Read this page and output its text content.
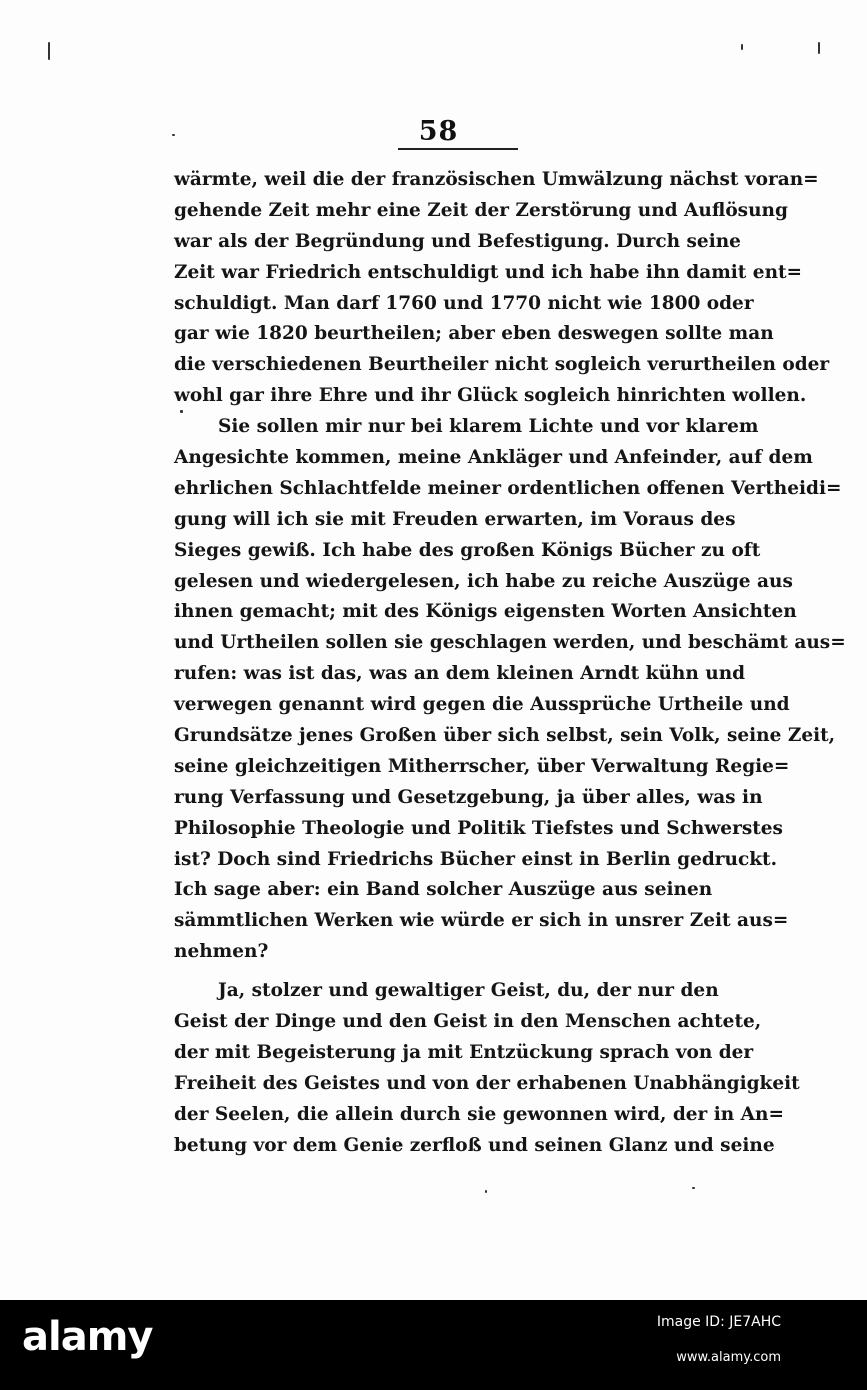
58
wärmte, weil die der französischen Umwälzung nächst voran=
gehende Zeit mehr eine Zeit der Zerstörung und Auflösung
war als der Begründung und Befestigung. Durch seine
Zeit war Friedrich entschuldigt und ich habe ihn damit ent=
schuldigt. Man darf 1760 und 1770 nicht wie 1800 oder
gar wie 1820 beurtheilen; aber eben deswegen sollte man
die verschiedenen Beurtheiler nicht sogleich verurtheilen oder
wohl gar ihre Ehre und ihr Glück sogleich hinrichten wollen.
Sie sollen mir nur bei klarem Lichte und vor klarem
Angesichte kommen, meine Ankläger und Anfeinder, auf dem
ehrlichen Schlachtfelde meiner ordentlichen offenen Vertheidi=
gung will ich sie mit Freuden erwarten, im Voraus des
Sieges gewiß. Ich habe des großen Königs Bücher zu oft
gelesen und wiedergelesen, ich habe zu reiche Auszüge aus
ihnen gemacht; mit des Königs eigensten Worten Ansichten
und Urtheilen sollen sie geschlagen werden, und beschämt aus=
rufen: was ist das, was an dem kleinen Arndt kühn und
verwegen genannt wird gegen die Aussprüche Urtheile und
Grundsätze jenes Großen über sich selbst, sein Volk, seine Zeit,
seine gleichzeitigen Mitherrscher, über Verwaltung Regie=
rung Verfassung und Gesetzgebung, ja über alles, was in
Philosophie Theologie und Politik Tiefstes und Schwerstes
ist? Doch sind Friedrichs Bücher einst in Berlin gedruckt.
Ich sage aber: ein Band solcher Auszüge aus seinen
sämmtlichen Werken wie würde er sich in unsrer Zeit aus=
nehmen?
Ja, stolzer und gewaltiger Geist, du, der nur den
Geist der Dinge und den Geist in den Menschen achtete,
der mit Begeisterung ja mit Entzückung sprach von der
Freiheit des Geistes und von der erhabenen Unabhängigkeit
der Seelen, die allein durch sie gewonnen wird, der in An=
betung vor dem Genie zerfloß und seinen Glanz und seine
alamy	Image ID: JE7AHC
www.alamy.com
